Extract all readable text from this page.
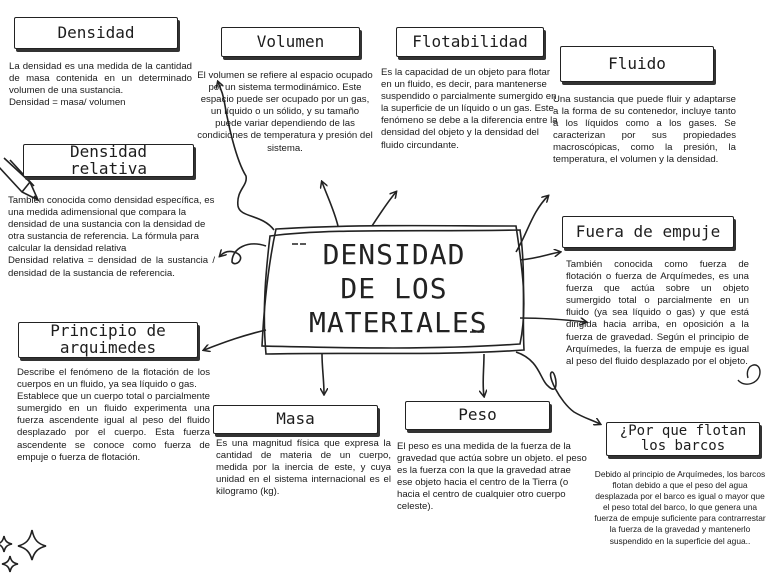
DENSIDAD DE LOS MATERIALES
Densidad
La densidad es una medida de la cantidad de masa contenida en un determinado volumen de una sustancia.
Densidad = masa/ volumen
Volumen
El volumen se refiere al espacio ocupado por un sistema termodinámico. Este espacio puede ser ocupado por un gas, un líquido o un sólido, y su tamaño puede variar dependiendo de las condiciones de temperatura y presión del sistema.
Flotabilidad
Es la capacidad de un objeto para flotar en un fluido, es decir, para mantenerse suspendido o parcialmente sumergido en la superficie de un líquido o un gas. Este fenómeno se debe a la diferencia entre la densidad del objeto y la densidad del fluido circundante.
Fluido
Una sustancia que puede fluir y adaptarse a la forma de su contenedor, incluye tanto a los líquidos como a los gases. Se caracterizan por sus propiedades macroscópicas, como la presión, la temperatura, el volumen y la densidad.
Densidad relativa
También conocida como densidad específica, es una medida adimensional que compara la densidad de una sustancia con la densidad de otra sustancia de referencia. La fórmula para calcular la densidad relativa
Densidad relativa = densidad de la sustancia / densidad de la sustancia de referencia.
Fuera de empuje
También conocida como fuerza de flotación o fuerza de Arquímedes, es una fuerza que actúa sobre un objeto sumergido total o parcialmente en un fluido (ya sea líquido o gas) y que está dirigida hacia arriba, en oposición a la fuerza de gravedad. Según el principio de Arquímedes, la fuerza de empuje es igual al peso del fluido desplazado por el objeto.
Principio de arquimedes
Describe el fenómeno de la flotación de los cuerpos en un fluido, ya sea líquido o gas.
Establece que un cuerpo total o parcialmente sumergido en un fluido experimenta una fuerza ascendente igual al peso del fluido desplazado por el cuerpo. Esta fuerza ascendente se conoce como fuerza de empuje o fuerza de flotación.
Masa
Es una magnitud física que expresa la cantidad de materia de un cuerpo, medida por la inercia de este, y cuya unidad en el sistema internacional es el kilogramo (kg).
Peso
El peso es una medida de la fuerza de la gravedad que actúa sobre un objeto. el peso es la fuerza con la que la gravedad atrae ese objeto hacia el centro de la Tierra (o hacia el centro de cualquier otro cuerpo celeste).
¿Por que flotan los barcos
Debido al principio de Arquímedes, los barcos flotan debido a que el peso del agua desplazada por el barco es igual o mayor que el peso total del barco, lo que genera una fuerza de empuje suficiente para contrarrestar la fuerza de la gravedad y mantenerlo suspendido en la superficie del agua..
